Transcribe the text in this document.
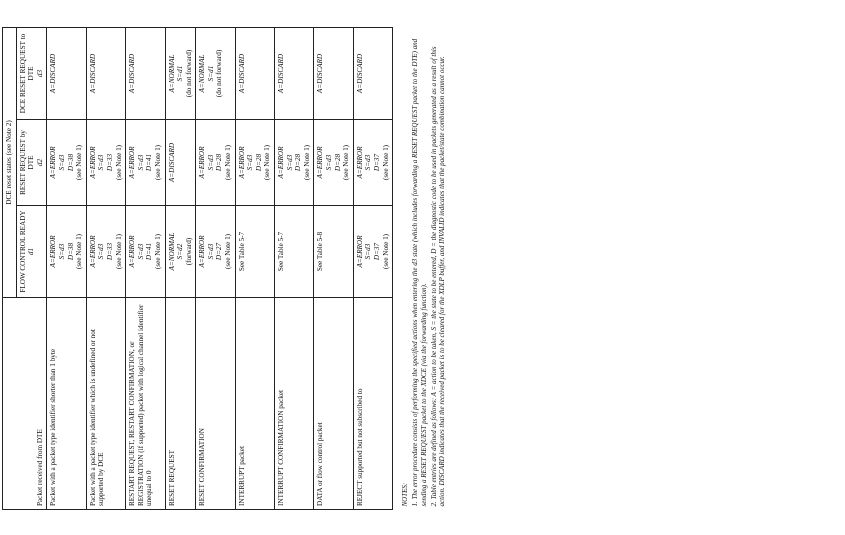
Packet received from DTE	DCE reset states (see Note 2)		

	FLOW CONTROL READY d1	RESET REQUEST by DTE d2	DCE RESET REQUEST to DTE d3

Packet with a packet type identifier shorter than 1 byte	A=ERROR S=d3 D=38 (see Note 1)	A=ERROR S=d3 D=38 (see Note 1)	A=DISCARD

Packet with a packet type identifier which is undefined or not supported by DCE	A=ERROR S=d3 D=33 (see Note 1)	A=ERROR S=d3 D=33 (see Note 1)	A=DISCARD

RESTART REQUEST, RESTART CONFIRMATION, or REGISTRATION (if supported) packet with logical channel identifier unequal to 0	A=ERROR S=d3 D=41 (see Note 1)	A=ERROR S=d3 D=41 (see Note 1)	A=DISCARD

RESET REQUEST	A=NORMAL S=d2 (forward)	A=DISCARD	A=NORMAL S=d1 (do not forward)

RESET CONFIRMATION	A=ERROR S=d3 D=27 (see Note 1)	A=ERROR S=d3 D=28 (see Note 1)	A=NORMAL S=d1 (do not forward)

INTERRUPT packet	See Table 5-7	A=ERROR S=d3 D=28 (see Note 1)	A=DISCARD

INTERRUPT CONFIRMATION packet	See Table 5-7	A=ERROR S=d3 D=28 (see Note 1)	A=DISCARD

DATA or flow control packet	See Table 5-8	A=ERROR S=d3 D=28 (see Note 1)	A=DISCARD

REJECT supported but not subscribed to	A=ERROR S=d3 D=37 (see Note 1)	A=ERROR S=d3 D=37 (see Note 1)	A=DISCARD

NOTES: 1. The error procedure consists of performing the specified actions when entering the d3 state (which includes forwarding a RESET REQUEST packet to the DTE) and sending a RESET REQUEST packet to the XDCE (via the forwarding function). 2. Table entries are defined as follows: A = action to be taken, S = the state to be entered, D = the diagnostic code to be used in packets generated as a result of this action. DISCARD indicates that the received packet is to be cleared for the XDLP buffer, and INVALID indicates that the packet/state combination cannot occur.			
